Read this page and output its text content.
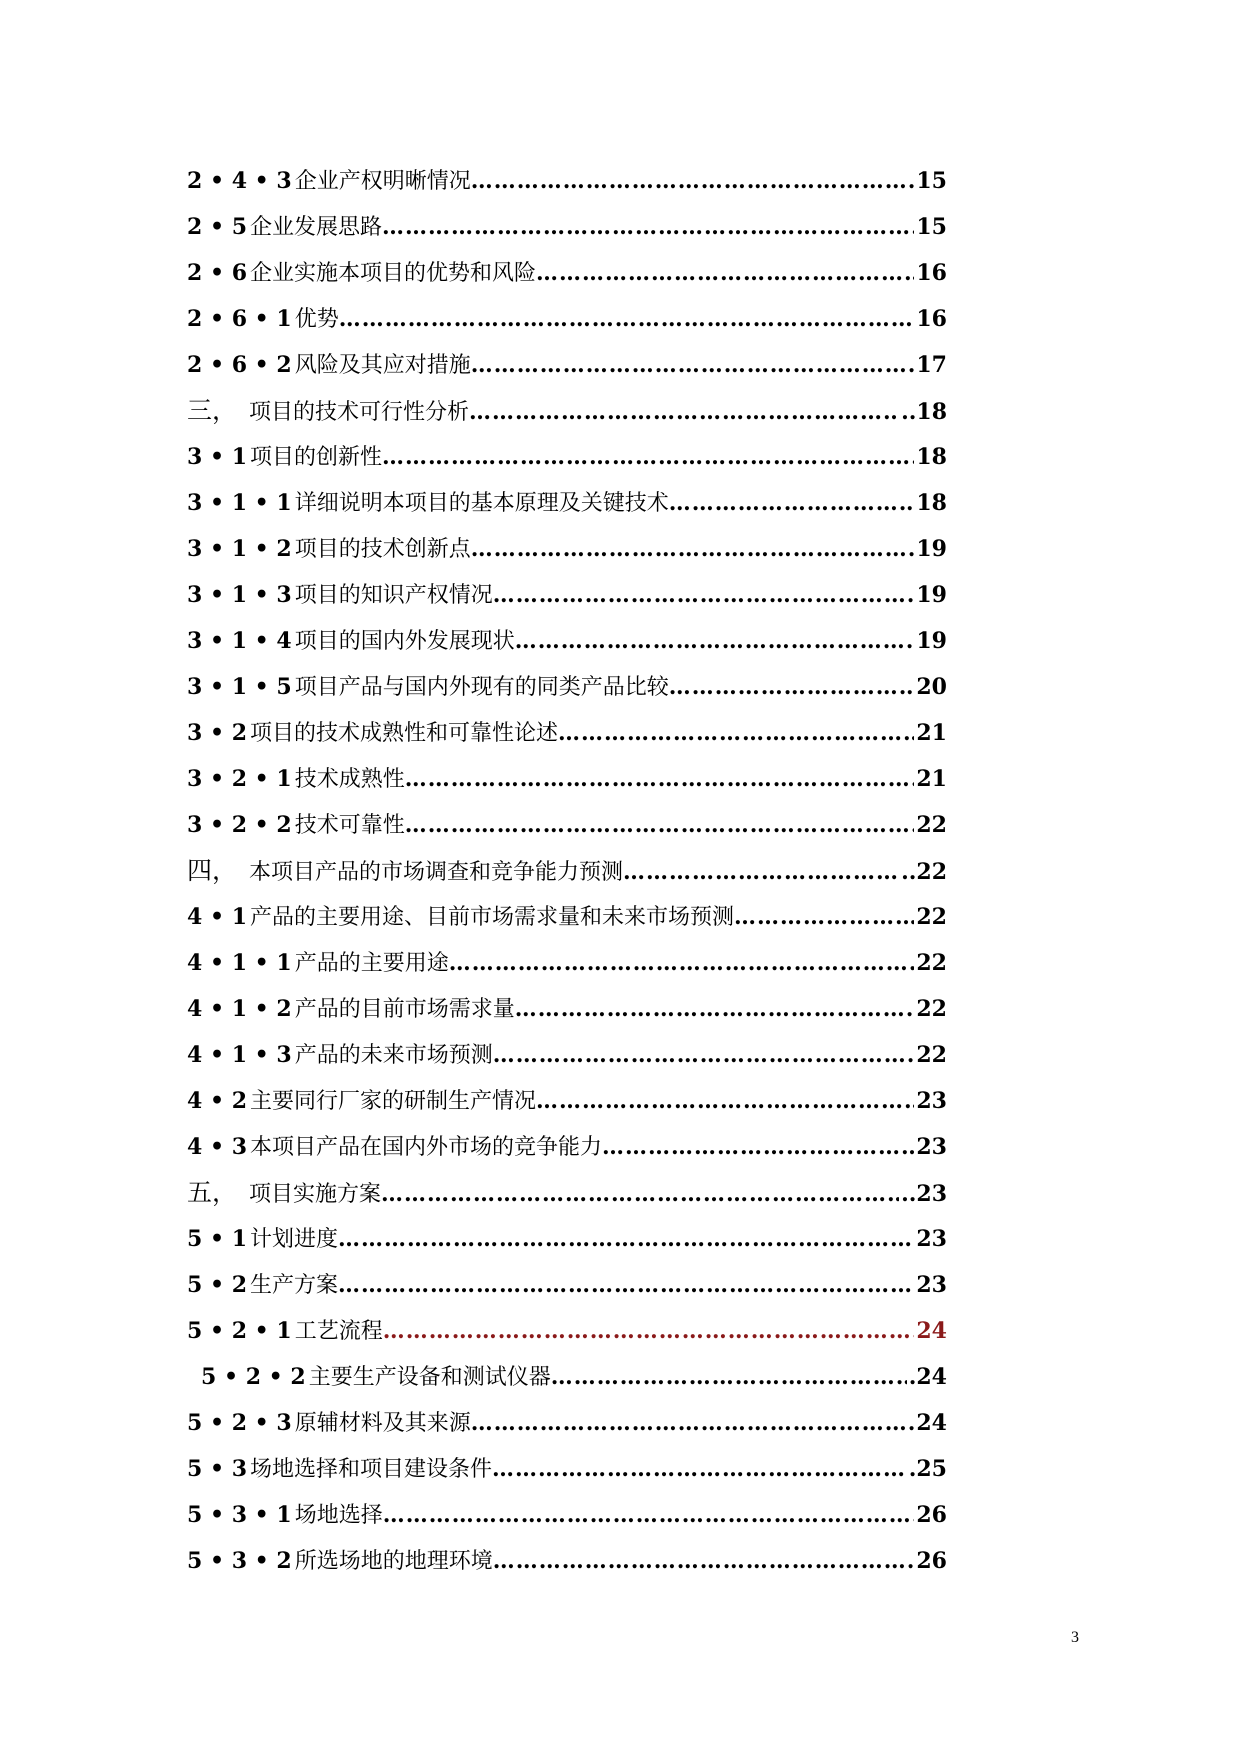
2 • 4 • 3 企业产权明晰情况 ……………………………………………………………………………………………………………………………………………………………………………………………	15
2 • 5 企业发展思路 ……………………………………………………………………………………………………………………………………………………………………………………………	15
2 • 6 企业实施本项目的优势和风险 ……………………………………………………………………………………………………………………………………………………………………………………………	16
2 • 6 • 1 优势 ……………………………………………………………………………………………………………………………………………………………………………………………	16
2 • 6 • 2 风险及其应对措施 ……………………………………………………………………………………………………………………………………………………………………………………………	17
三， 项目的技术可行性分析 ……………………………………………………………………………………………………………………………………………………………………………………………	..18
3 • 1 项目的创新性 ……………………………………………………………………………………………………………………………………………………………………………………………	18
3 • 1 • 1 详细说明本项目的基本原理及关键技术 ……………………………………………………………………………………………………………………………………………………………………………………………	18
3 • 1 • 2 项目的技术创新点 ……………………………………………………………………………………………………………………………………………………………………………………………	19
3 • 1 • 3 项目的知识产权情况 ……………………………………………………………………………………………………………………………………………………………………………………………	19
3 • 1 • 4 项目的国内外发展现状 ……………………………………………………………………………………………………………………………………………………………………………………………	19
3 • 1 • 5 项目产品与国内外现有的同类产品比较 ……………………………………………………………………………………………………………………………………………………………………………………………	20
3 • 2 项目的技术成熟性和可靠性论述 ……………………………………………………………………………………………………………………………………………………………………………………………	21
3 • 2 • 1 技术成熟性 ……………………………………………………………………………………………………………………………………………………………………………………………	21
3 • 2 • 2 技术可靠性 ……………………………………………………………………………………………………………………………………………………………………………………………	22
四， 本项目产品的市场调查和竞争能力预测 ……………………………………………………………………………………………………………………………………………………………………………………………	..22
4 • 1 产品的主要用途、目前市场需求量和未来市场预测 ……………………………………………………………………………………………………………………………………………………………………………………………	22
4 • 1 • 1 产品的主要用途 ……………………………………………………………………………………………………………………………………………………………………………………………	22
4 • 1 • 2 产品的目前市场需求量 ……………………………………………………………………………………………………………………………………………………………………………………………	22
4 • 1 • 3 产品的未来市场预测 ……………………………………………………………………………………………………………………………………………………………………………………………	22
4 • 2 主要同行厂家的研制生产情况 ……………………………………………………………………………………………………………………………………………………………………………………………	23
4 • 3 本项目产品在国内外市场的竞争能力 ……………………………………………………………………………………………………………………………………………………………………………………………	23
五， 项目实施方案 ……………………………………………………………………………………………………………………………………………………………………………………………	..23
5 • 1 计划进度 ……………………………………………………………………………………………………………………………………………………………………………………………	23
5 • 2 生产方案 ……………………………………………………………………………………………………………………………………………………………………………………………	23
5 • 2 • 1 工艺流程 ……………………………………………………………………………………………………………………………………………………………………………………………	24
5 • 2 • 2 主要生产设备和测试仪器 ……………………………………………………………………………………………………………………………………………………………………………………………	.24
5 • 2 • 3 原辅材料及其来源 ……………………………………………………………………………………………………………………………………………………………………………………………	24
5 • 3 场地选择和项目建设条件 ……………………………………………………………………………………………………………………………………………………………………………………………	.25
5 • 3 • 1 场地选择 ……………………………………………………………………………………………………………………………………………………………………………………………	26
5 • 3 • 2 所选场地的地理环境 ……………………………………………………………………………………………………………………………………………………………………………………………	26
3
